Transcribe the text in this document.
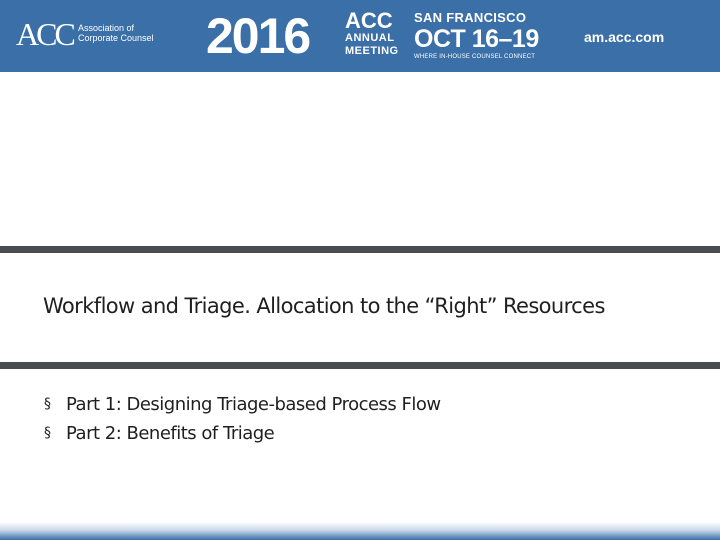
ACC Association of
Corporate Counsel 2016 ACC
ANNUAL
MEETING
SAN FRANCISCO
OCT 16–19
WHERE IN-HOUSE COUNSEL CONNECT
am.acc.com
Workflow and Triage. Allocation to the “Right” Resources
§ Part 1: Designing Triage-based Process Flow
§ Part 2: Benefits of Triage
